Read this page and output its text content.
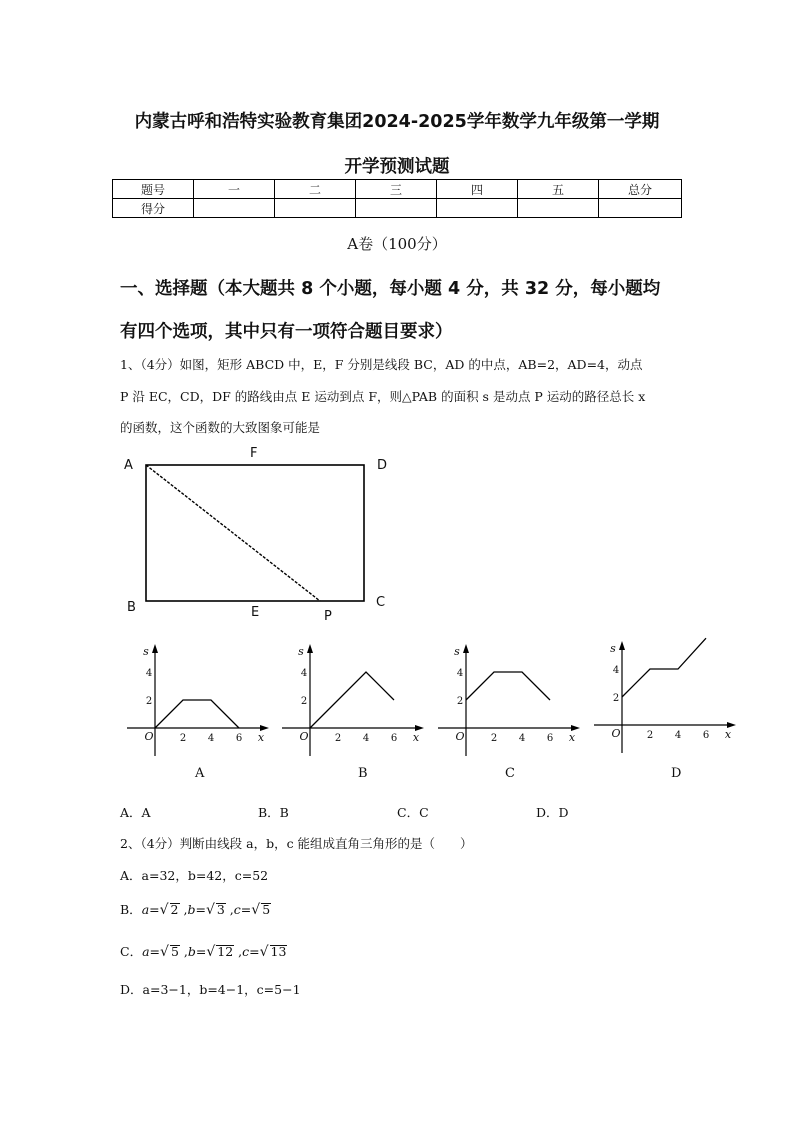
内蒙古呼和浩特实验教育集团2024-2025学年数学九年级第一学期
开学预测试题
题号	一	二	三	四	五	总分
得分						
A卷（100分）
一、选择题（本大题共 8 个小题，每小题 4 分，共 32 分，每小题均
有四个选项，其中只有一项符合题目要求）
1、（4分）如图，矩形 ABCD 中，E，F 分别是线段 BC，AD 的中点，AB=2，AD=4，动点
P 沿 EC，CD，DF 的路线由点 E 运动到点 F，则△PAB 的面积 s 是动点 P 运动的路径总长 x
的函数，这个函数的大致图象可能是
A
F
D
B	E
C
P
s
x
O	2 4 6
2
4
s
x
O	2 4 6
2
4
s
x
O	2 4 6
2
4
s
x
O	2 4 6
2
4
A	B	C	D
A．A	B．B	C．C	D．D
2、（4分）判断由线段 a，b，c 能组成直角三角形的是（　　）
A．a=32，b=42，c=52
B．a=√ 2 ,b=√ 3 ,c=√ 5
C．a=√ 5 ,b=√ 12 ,c=√ 13
D．a=3−1，b=4−1，c=5−1
